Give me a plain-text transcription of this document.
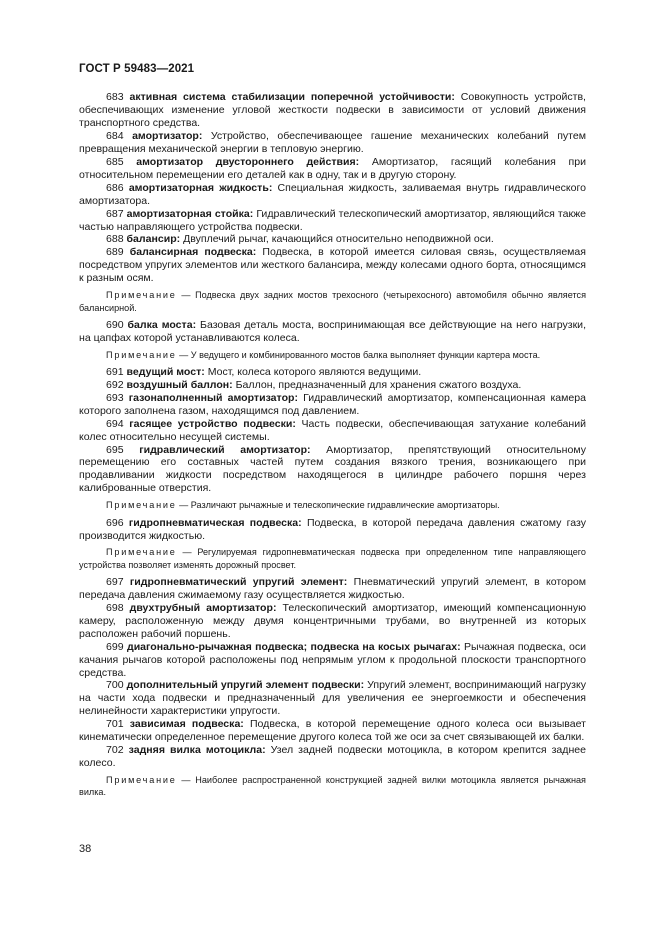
ГОСТ Р 59483—2021

683 активная система стабилизации поперечной устойчивости: Совокупность устройств, обеспечивающих изменение угловой жесткости подвески в зависимости от условий движения транспортного средства.

684 амортизатор: Устройство, обеспечивающее гашение механических колебаний путем превращения механической энергии в тепловую энергию.

685 амортизатор двустороннего действия: Амортизатор, гасящий колебания при относительном перемещении его деталей как в одну, так и в другую сторону.

686 амортизаторная жидкость: Специальная жидкость, заливаемая внутрь гидравлического амортизатора.

687 амортизаторная стойка: Гидравлический телескопический амортизатор, являющийся также частью направляющего устройства подвески.

688 балансир: Двуплечий рычаг, качающийся относительно неподвижной оси.

689 балансирная подвеска: Подвеска, в которой имеется силовая связь, осуществляемая посредством упругих элементов или жесткого балансира, между колесами одного борта, относящимся к разным осям.

Примечание — Подвеска двух задних мостов трехосного (четырехосного) автомобиля обычно является балансирной.

690 балка моста: Базовая деталь моста, воспринимающая все действующие на него нагрузки, на цапфах которой устанавливаются колеса.

Примечание — У ведущего и комбинированного мостов балка выполняет функции картера моста.

691 ведущий мост: Мост, колеса которого являются ведущими.

692 воздушный баллон: Баллон, предназначенный для хранения сжатого воздуха.

693 газонаполненный амортизатор: Гидравлический амортизатор, компенсационная камера которого заполнена газом, находящимся под давлением.

694 гасящее устройство подвески: Часть подвески, обеспечивающая затухание колебаний колес относительно несущей системы.

695 гидравлический амортизатор: Амортизатор, препятствующий относительному перемещению его составных частей путем создания вязкого трения, возникающего при продавливании жидкости посредством находящегося в цилиндре рабочего поршня через калиброванные отверстия.

Примечание — Различают рычажные и телескопические гидравлические амортизаторы.

696 гидропневматическая подвеска: Подвеска, в которой передача давления сжатому газу производится жидкостью.

Примечание — Регулируемая гидропневматическая подвеска при определенном типе направляющего устройства позволяет изменять дорожный просвет.

697 гидропневматический упругий элемент: Пневматический упругий элемент, в котором передача давления сжимаемому газу осуществляется жидкостью.

698 двухтрубный амортизатор: Телескопический амортизатор, имеющий компенсационную камеру, расположенную между двумя концентричными трубами, во внутренней из которых расположен рабочий поршень.

699 диагонально-рычажная подвеска; подвеска на косых рычагах: Рычажная подвеска, оси качания рычагов которой расположены под непрямым углом к продольной плоскости транспортного средства.

700 дополнительный упругий элемент подвески: Упругий элемент, воспринимающий нагрузку на части хода подвески и предназначенный для увеличения ее энергоемкости и обеспечения нелинейности характеристики упругости.

701 зависимая подвеска: Подвеска, в которой перемещение одного колеса оси вызывает кинематически определенное перемещение другого колеса той же оси за счет связывающей их балки.

702 задняя вилка мотоцикла: Узел задней подвески мотоцикла, в котором крепится заднее колесо.

Примечание — Наиболее распространенной конструкцией задней вилки мотоцикла является рычажная вилка.

38
